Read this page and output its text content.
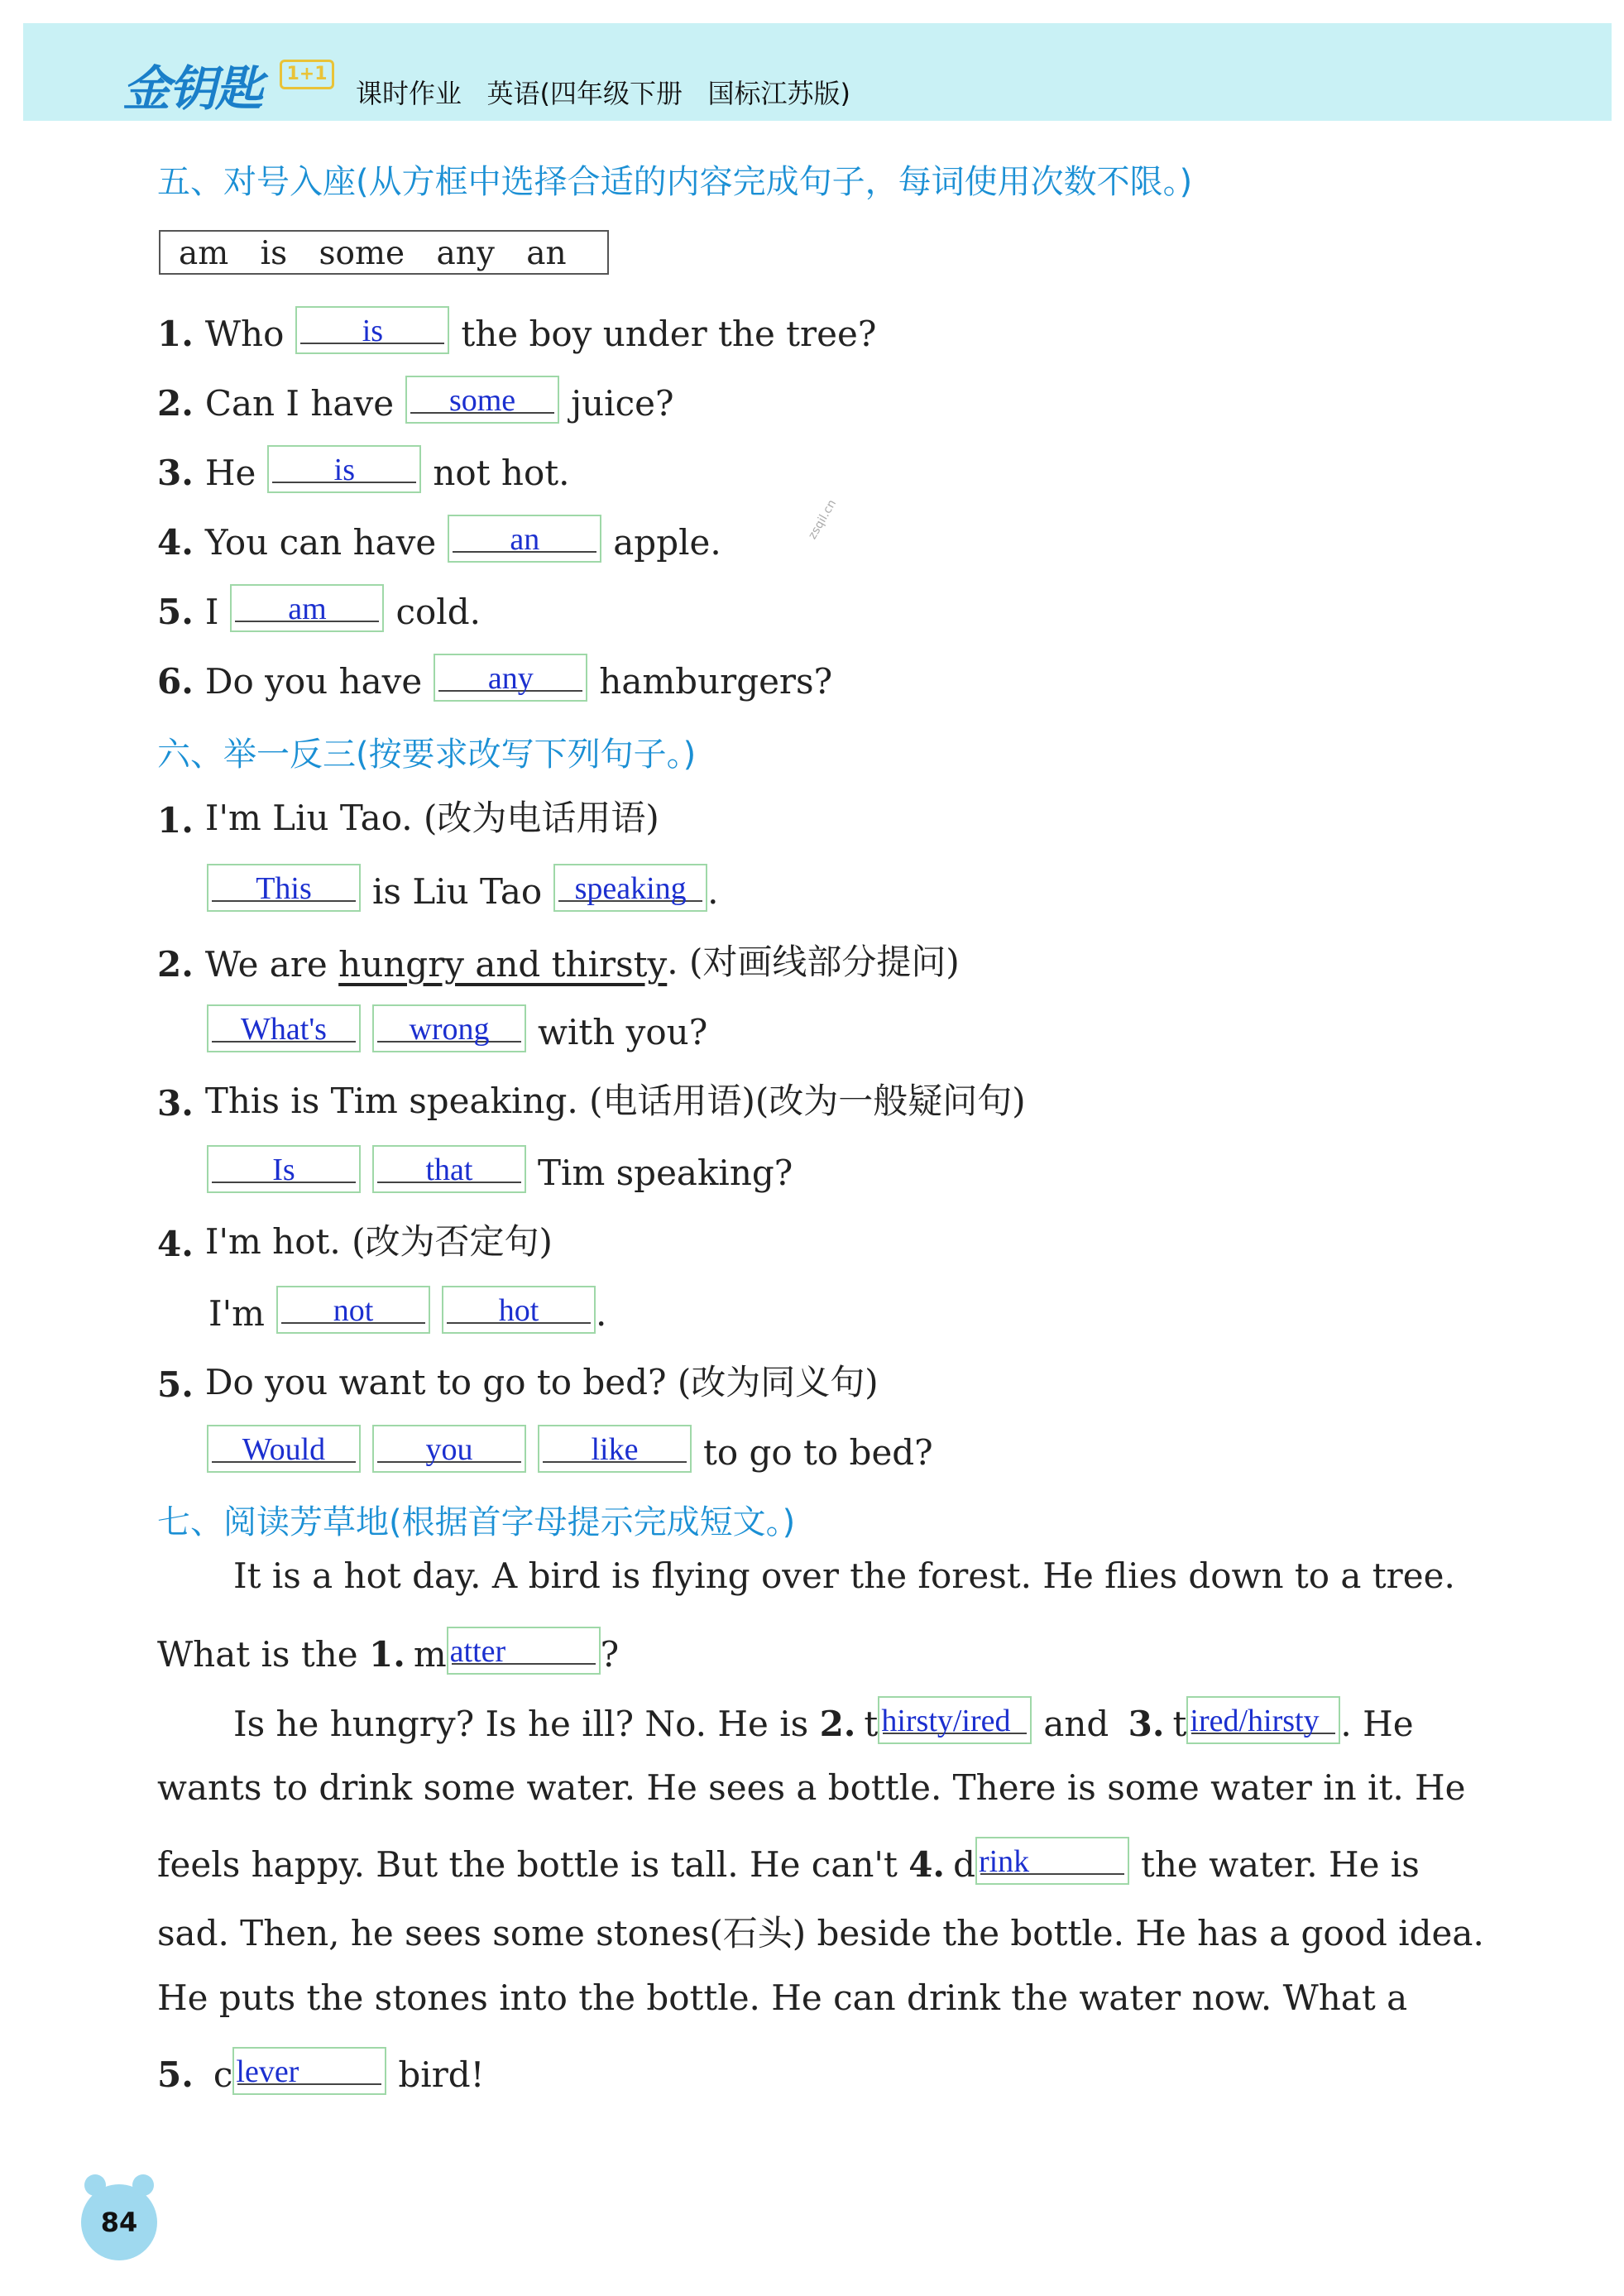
金钥匙	1+1
课时作业   英语(四年级下册   国标江苏版)
五、对号入座(从方框中选择合适的内容完成句子，每词使用次数不限。)
am is some any an
1. Who	is	the boy under the tree?
2. Can I have	some	juice?
3. He	is	not hot.
4. You can have	an	apple.
5. I	am	cold.
6. Do you have	any	hamburgers?
zsqil.cn
六、举一反三(按要求改写下列句子。)
1. I'm Liu Tao. (改为电话用语)
This	is Liu Tao	speaking .
2. We are
hungry and thirsty . (对画线部分提问)
What's	wrong	with you?
3. This is Tim speaking. (电话用语)(改为一般疑问句)
Is	that	Tim speaking?
4. I'm hot. (改为否定句)
I'm	not	hot	.
5. Do you want to go to bed? (改为同义句)
Would	you	like	to go to bed?
七、阅读芳草地(根据首字母提示完成短文。)
It is a hot day. A bird is flying over the forest. He flies down to a tree.
What is the
1. m atter	?
Is he hungry? Is he ill? No. He is
2. t hirsty/ired and
3. t ired/hirsty . He
wants to drink some water. He sees a bottle. There is some water in it. He
feels happy. But the bottle is tall. He can't
4. d rink	the water. He is
sad. Then, he sees some stones(石头) beside the bottle. He has a good idea.
He puts the stones into the bottle. He can drink the water now. What a
5. c lever	bird!
84
